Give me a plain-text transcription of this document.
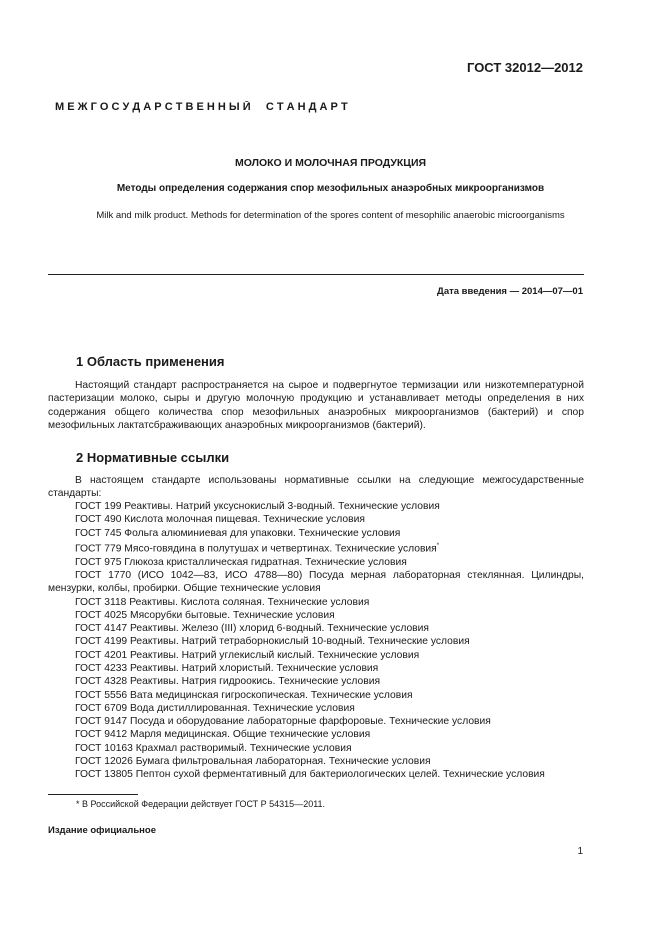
ГОСТ 32012—2012
М Е Ж Г О С У Д А Р С Т В Е Н Н Ы Й     С Т А Н Д А Р Т
МОЛОКО И МОЛОЧНАЯ ПРОДУКЦИЯ
Методы определения содержания спор мезофильных анаэробных микроорганизмов
Milk and milk product. Methods for determination of the spores content of mesophilic anaerobic microorganisms
Дата введения — 2014—07—01
1 Область применения
Настоящий стандарт распространяется на сырое и подвергнутое термизации или низкотемпературной пастеризации молоко, сыры и другую молочную продукцию и устанавливает методы определения в них содержания общего количества спор мезофильных анаэробных микроорганизмов (бактерий) и спор мезофильных лактатсбраживающих анаэробных микроорганизмов (бактерий).
2 Нормативные ссылки
В настоящем стандарте использованы нормативные ссылки на следующие межгосударственные стандарты:
ГОСТ 199 Реактивы. Натрий уксуснокислый 3-водный. Технические условия
ГОСТ 490 Кислота молочная пищевая. Технические условия
ГОСТ 745 Фольга алюминиевая для упаковки. Технические условия
ГОСТ 779 Мясо-говядина в полутушах и четвертинах. Технические условия*
ГОСТ 975 Глюкоза кристаллическая гидратная. Технические условия
ГОСТ 1770 (ИСО 1042—83, ИСО 4788—80) Посуда мерная лабораторная стеклянная. Цилиндры, мензурки, колбы, пробирки. Общие технические условия
ГОСТ 3118 Реактивы. Кислота соляная. Технические условия
ГОСТ 4025 Мясорубки бытовые. Технические условия
ГОСТ 4147 Реактивы. Железо (III) хлорид 6-водный. Технические условия
ГОСТ 4199 Реактивы. Натрий тетраборнокислый 10-водный. Технические условия
ГОСТ 4201 Реактивы. Натрий углекислый кислый. Технические условия
ГОСТ 4233 Реактивы. Натрий хлористый. Технические условия
ГОСТ 4328 Реактивы. Натрия гидроокись. Технические условия
ГОСТ 5556 Вата медицинская гигроскопическая. Технические условия
ГОСТ 6709 Вода дистиллированная. Технические условия
ГОСТ 9147 Посуда и оборудование лабораторные фарфоровые. Технические условия
ГОСТ 9412 Марля медицинская. Общие технические условия
ГОСТ 10163 Крахмал растворимый. Технические условия
ГОСТ 12026 Бумага фильтровальная лабораторная. Технические условия
ГОСТ 13805 Пептон сухой ферментативный для бактериологических целей. Технические условия
* В Российской Федерации действует ГОСТ Р 54315—2011.
Издание официальное
1
